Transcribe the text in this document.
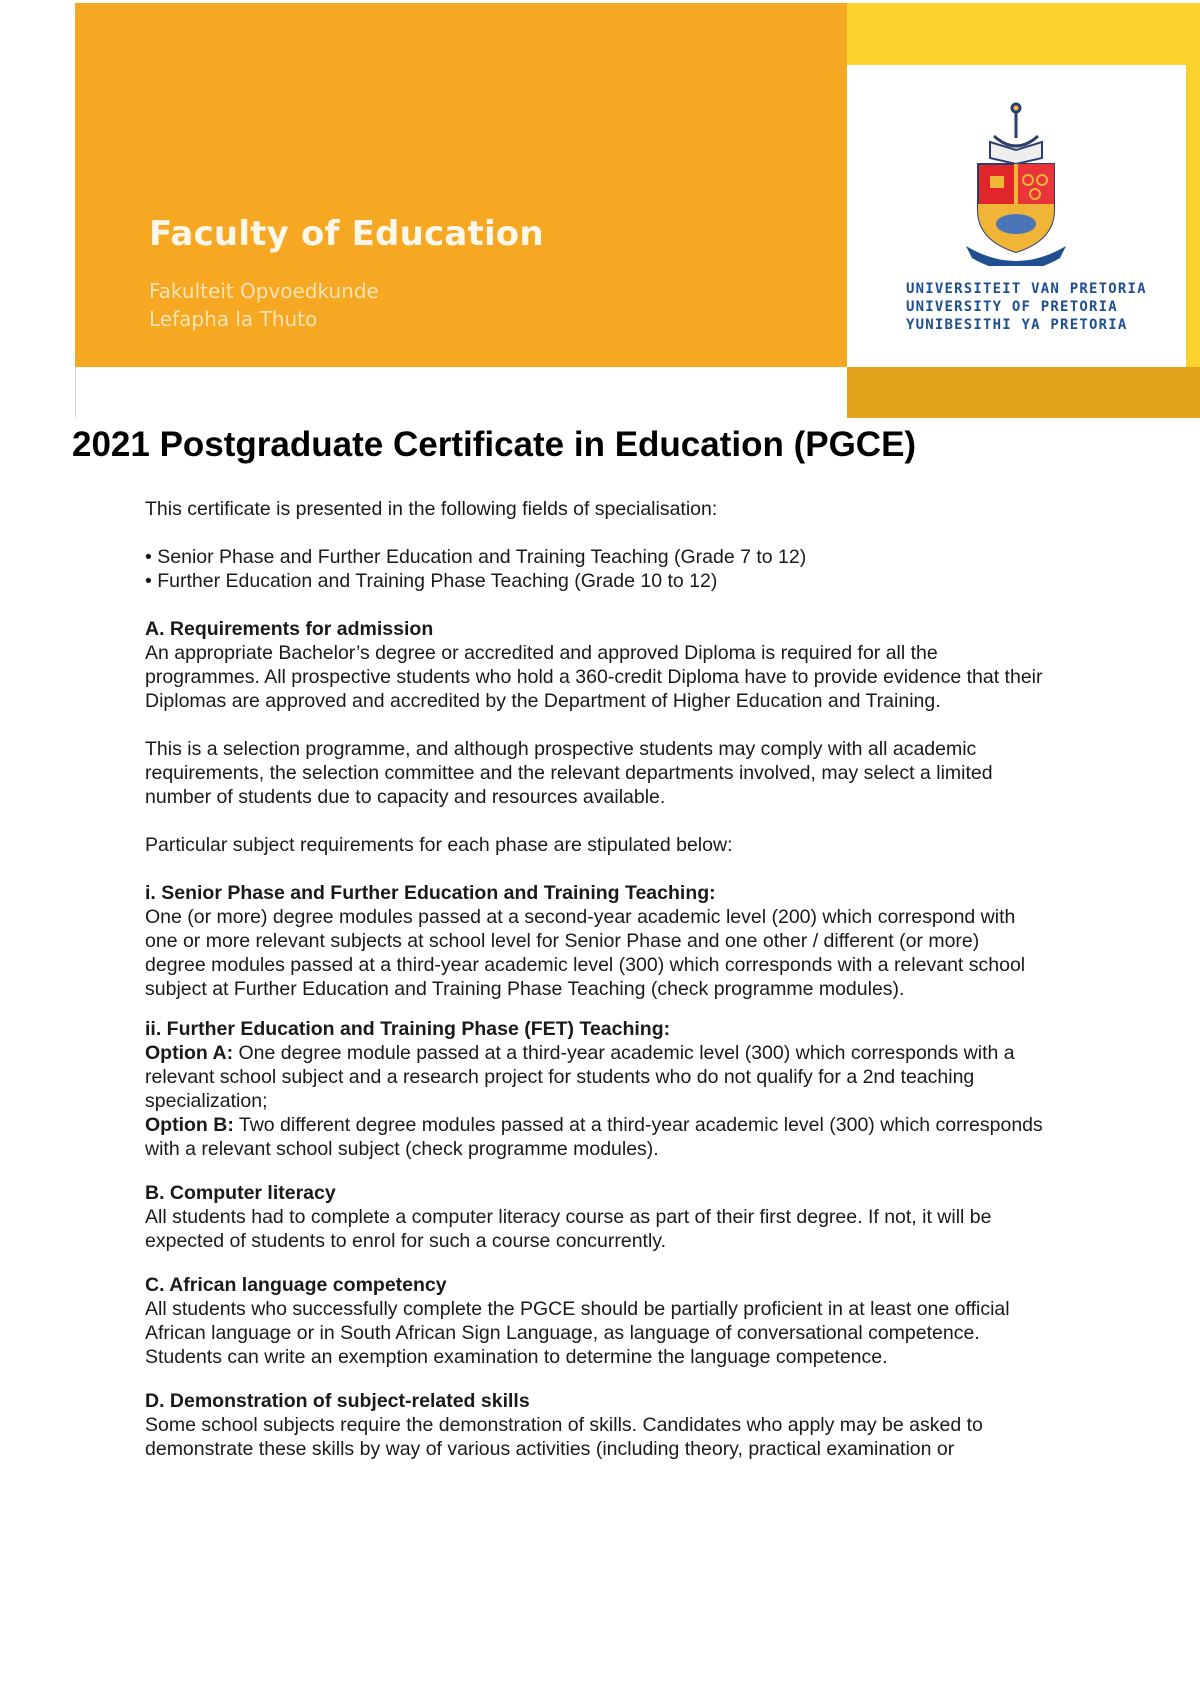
Faculty of Education
Fakulteit Opvoedkunde
Lefapha la Thuto
UNIVERSITEIT VAN PRETORIA
UNIVERSITY OF PRETORIA
YUNIBESITHI YA PRETORIA
2021 Postgraduate Certificate in Education (PGCE)

This certificate is presented in the following fields of specialisation:

• Senior Phase and Further Education and Training Teaching (Grade 7 to 12)
• Further Education and Training Phase Teaching (Grade 10 to 12)

A. Requirements for admission

An appropriate Bachelor’s degree or accredited and approved Diploma is required for all the programmes. All prospective students who hold a 360-credit Diploma have to provide evidence that their Diplomas are approved and accredited by the Department of Higher Education and Training.

This is a selection programme, and although prospective students may comply with all academic requirements, the selection committee and the relevant departments involved, may select a limited number of students due to capacity and resources available.

Particular subject requirements for each phase are stipulated below:

i. Senior Phase and Further Education and Training Teaching:

One (or more) degree modules passed at a second-year academic level (200) which correspond with one or more relevant subjects at school level for Senior Phase and one other / different (or more) degree modules passed at a third-year academic level (300) which corresponds with a relevant school subject at Further Education and Training Phase Teaching (check programme modules).

ii. Further Education and Training Phase (FET) Teaching:

Option A: One degree module passed at a third-year academic level (300) which corresponds with a relevant school subject and a research project for students who do not qualify for a 2nd teaching specialization;

Option B: Two different degree modules passed at a third-year academic level (300) which corresponds with a relevant school subject (check programme modules).

B. Computer literacy

All students had to complete a computer literacy course as part of their first degree. If not, it will be expected of students to enrol for such a course concurrently.

C. African language competency

All students who successfully complete the PGCE should be partially proficient in at least one official African language or in South African Sign Language, as language of conversational competence. Students can write an exemption examination to determine the language competence.

D. Demonstration of subject-related skills

Some school subjects require the demonstration of skills. Candidates who apply may be asked to demonstrate these skills by way of various activities (including theory, practical examination or
